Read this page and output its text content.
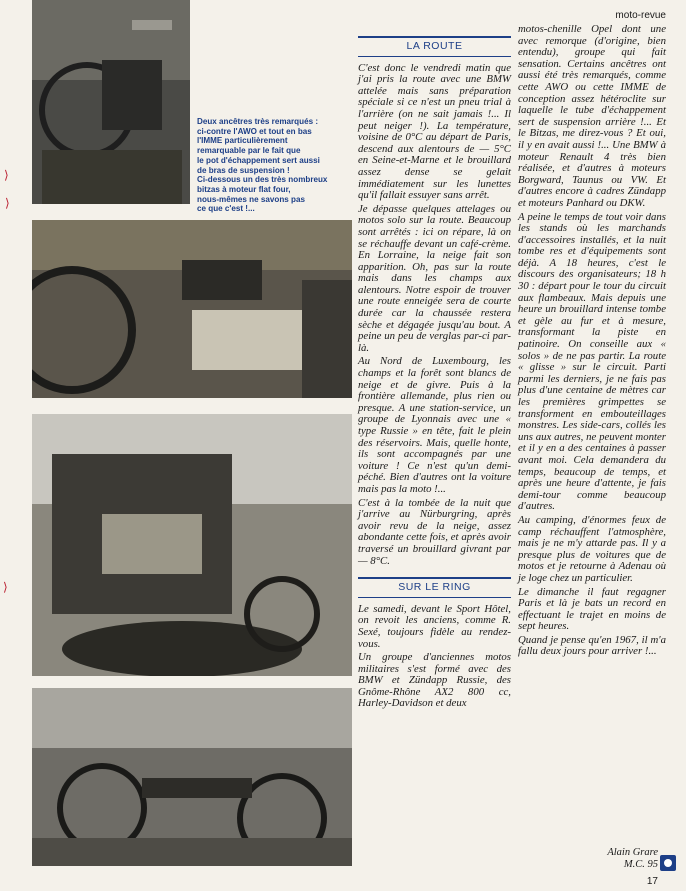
moto-revue
Deux ancêtres très remarqués :
ci-contre l'AWO et tout en bas
l'IMME particulièrement
remarquable par le fait que
le pot d'échappement sert aussi
de bras de suspension !
Ci-dessous un des très nombreux
bitzas à moteur flat four,
nous-mêmes ne savons pas
ce que c'est !...
⟩
⟩
⟩
LA ROUTE

C'est donc le vendredi matin que j'ai pris la route avec une BMW attelée mais sans préparation spéciale si ce n'est un pneu trial à l'arrière (on ne sait jamais !... Il peut neiger !). La température, voisine de 0°C au départ de Paris, descend aux alentours de — 5°C en Seine-et-Marne et le brouillard assez dense se gelait immédiatement sur les lunettes qu'il fallait essuyer sans arrêt.

Je dépasse quelques attelages ou motos solo sur la route. Beaucoup sont arrêtés : ici on répare, là on se réchauffe devant un café-crème. En Lorraine, la neige fait son apparition. Oh, pas sur la route mais dans les champs aux alentours. Notre espoir de trouver une route enneigée sera de courte durée car la chaussée restera sèche et dégagée jusqu'au bout. A peine un peu de verglas par-ci par-là.

Au Nord de Luxembourg, les champs et la forêt sont blancs de neige et de givre. Puis à la frontière allemande, plus rien ou presque. A une station-service, un groupe de Lyonnais avec une « type Russie » en tête, fait le plein des réservoirs. Mais, quelle honte, ils sont accompagnés par une voiture ! Ce n'est qu'un demi-péché. Bien d'autres ont la voiture mais pas la moto !...

C'est à la tombée de la nuit que j'arrive au Nürburgring, après avoir revu de la neige, assez abondante cette fois, et après avoir traversé un brouillard givrant par — 8°C.

SUR LE RING

Le samedi, devant le Sport Hôtel, on revoit les anciens, comme R. Sexé, toujours fidèle au rendez-vous.

Un groupe d'anciennes motos militaires s'est formé avec des BMW et Zündapp Russie, des Gnôme-Rhône AX2 800 cc, Harley-Davidson et deux

motos-chenille Opel dont une avec remorque (d'origine, bien entendu), groupe qui fait sensation. Certains ancêtres ont aussi été très remarqués, comme cette AWO ou cette IMME de conception assez hétéroclite sur laquelle le tube d'échappement sert de suspension arrière !... Et le Bitzas, me direz-vous ? Et oui, il y en avait aussi !... Une BMW à moteur Renault 4 très bien réalisée, et d'autres à moteurs Borgward, Taunus ou VW. Et d'autres encore à cadres Zündapp et moteurs Panhard ou DKW.

A peine le temps de tout voir dans les stands où les marchands d'accessoires installés, et la nuit tombe res et d'équipements sont déjà. A 18 heures, c'est le discours des organisateurs; 18 h 30 : départ pour le tour du circuit aux flambeaux. Mais depuis une heure un brouillard intense tombe et gèle au fur et à mesure, transformant la piste en patinoire. On conseille aux « solos » de ne pas partir. La route « glisse » sur le circuit. Parti parmi les derniers, je ne fais pas plus d'une centaine de mètres car les premières grimpettes se transforment en embouteillages monstres. Les side-cars, collés les uns aux autres, ne peuvent monter et il y en a des centaines à passer avant moi. Cela demandera du temps, beaucoup de temps, et après une heure d'attente, je fais demi-tour comme beaucoup d'autres.

Au camping, d'énormes feux de camp réchauffent l'atmosphère, mais je ne m'y attarde pas. Il y a presque plus de voitures que de motos et je retourne à Adenau où je loge chez un particulier.

Le dimanche il faut regagner Paris et là je bats un record en effectuant le trajet en moins de sept heures.

Quand je pense qu'en 1967, il m'a fallu deux jours pour arriver !...

Alain Grare
M.C. 95
17
